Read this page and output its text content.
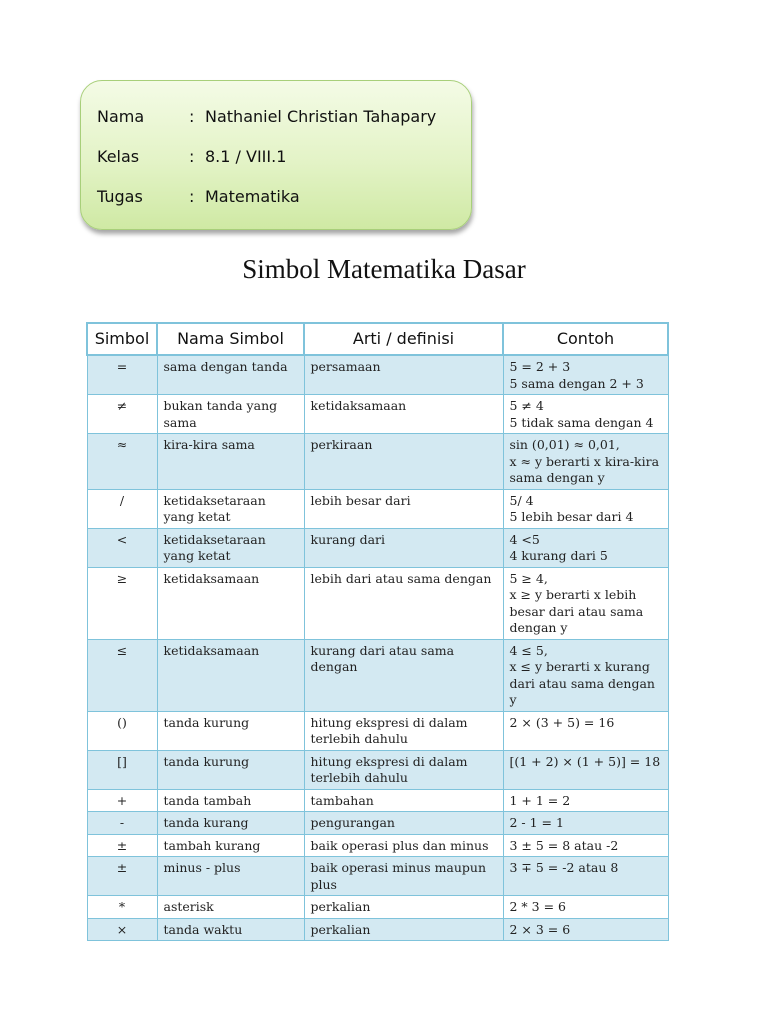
Nama	: Nathaniel Christian Tahapary
Kelas	: 8.1 / VIII.1
Tugas	: Matematika
Simbol Matematika Dasar
Simbol	Nama Simbol	Arti / definisi	Contoh
=	sama dengan tanda	persamaan	5 = 2 + 3
5 sama dengan 2 + 3
≠	bukan tanda yang sama	ketidaksamaan	5 ≠ 4
5 tidak sama dengan 4
≈	kira-kira sama	perkiraan	sin (0,01) ≈ 0,01,
x ≈ y berarti x kira-kira sama dengan y
/	ketidaksetaraan yang ketat	lebih besar dari	5/ 4
5 lebih besar dari 4
<	ketidaksetaraan yang ketat	kurang dari	4 <5
4 kurang dari 5
≥	ketidaksamaan	lebih dari atau sama dengan	5 ≥ 4,
x ≥ y berarti x lebih besar dari atau sama dengan y
≤	ketidaksamaan	kurang dari atau sama dengan	4 ≤ 5,
x ≤ y berarti x kurang dari atau sama dengan y
()	tanda kurung	hitung ekspresi di dalam terlebih dahulu	2 × (3 + 5) = 16
[]	tanda kurung	hitung ekspresi di dalam terlebih dahulu	[(1 + 2) × (1 + 5)] = 18
+	tanda tambah	tambahan	1 + 1 = 2
-	tanda kurang	pengurangan	2 - 1 = 1
±	tambah kurang	baik operasi plus dan minus	3 ± 5 = 8 atau -2
±	minus - plus	baik operasi minus maupun plus	3 ∓ 5 = -2 atau 8
*	asterisk	perkalian	2 * 3 = 6
×	tanda waktu	perkalian	2 × 3 = 6
